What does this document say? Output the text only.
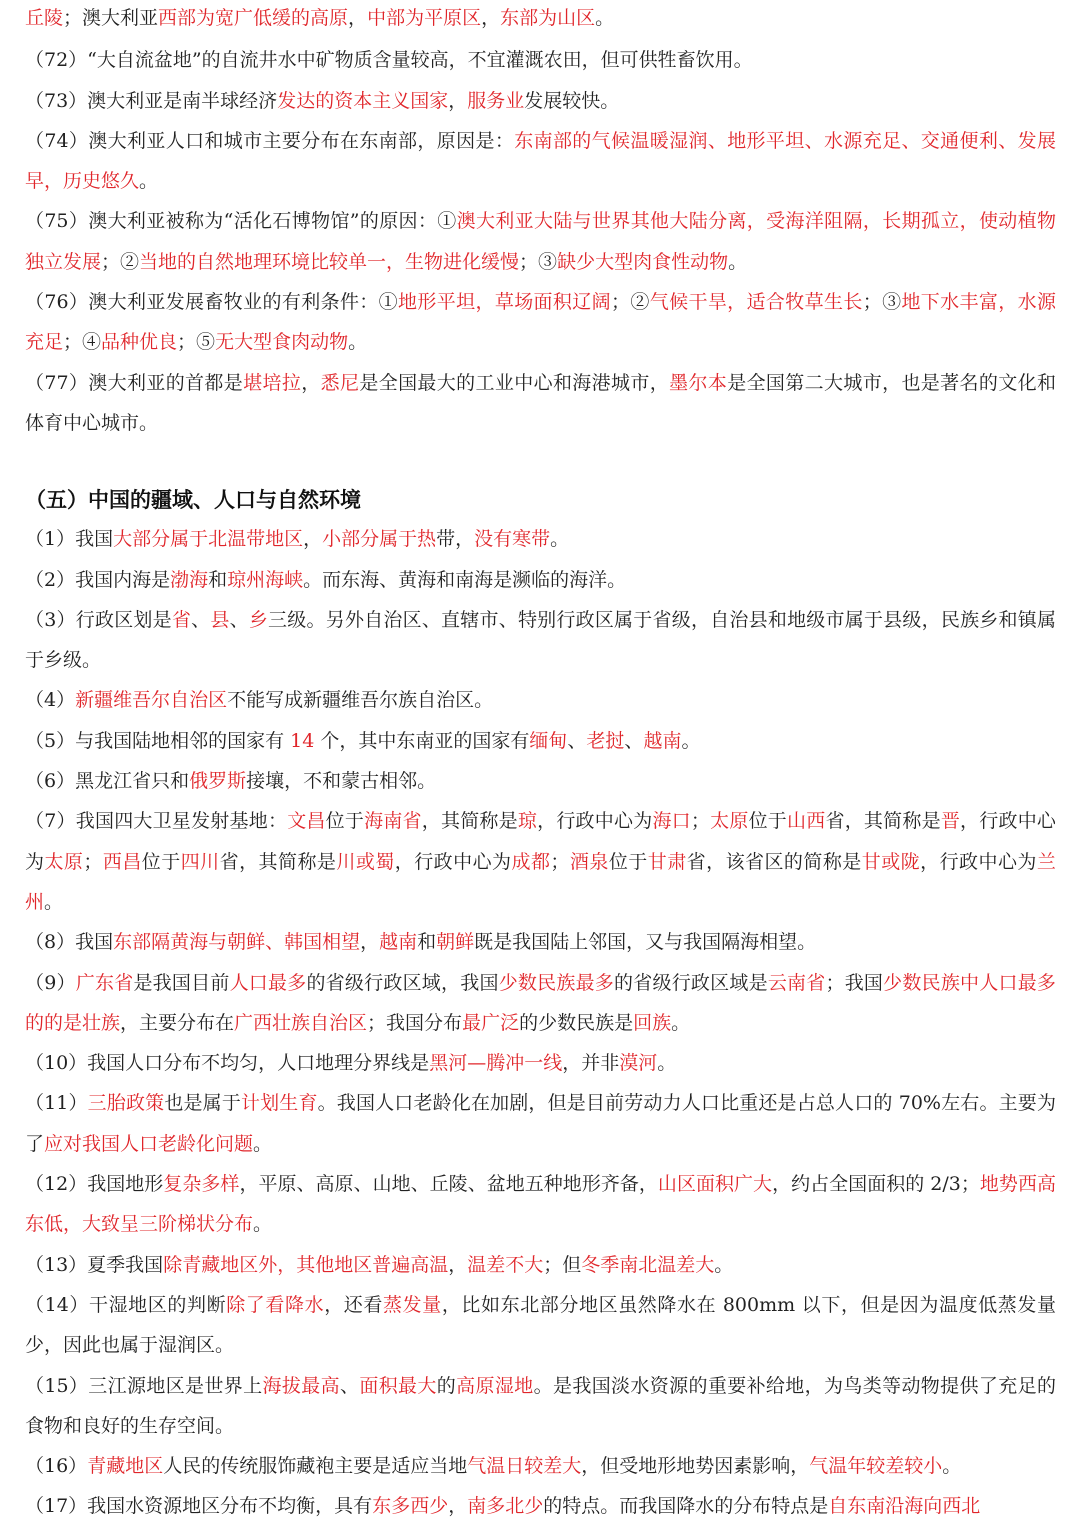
丘陵；澳大利亚西部为宽广低缓的高原，中部为平原区，东部为山区。

（72）“大自流盆地”的自流井水中矿物质含量较高，不宜灌溉农田，但可供牲畜饮用。

（73）澳大利亚是南半球经济发达的资本主义国家，服务业发展较快。

（74）澳大利亚人口和城市主要分布在东南部，原因是：东南部的气候温暖湿润、地形平坦、水源充足、交通便利、发展早，历史悠久。

（75）澳大利亚被称为“活化石博物馆”的原因：①澳大利亚大陆与世界其他大陆分离，受海洋阻隔，长期孤立，使动植物独立发展；②当地的自然地理环境比较单一，生物进化缓慢；③缺少大型肉食性动物。

（76）澳大利亚发展畜牧业的有利条件：①地形平坦，草场面积辽阔；②气候干旱，适合牧草生长；③地下水丰富，水源充足；④品种优良；⑤无大型食肉动物。

（77）澳大利亚的首都是堪培拉，悉尼是全国最大的工业中心和海港城市，墨尔本是全国第二大城市，也是著名的文化和体育中心城市。

（五）中国的疆域、人口与自然环境

（1）我国大部分属于北温带地区，小部分属于热带，没有寒带。

（2）我国内海是渤海和琼州海峡。而东海、黄海和南海是濒临的海洋。

（3）行政区划是省、县、乡三级。另外自治区、直辖市、特别行政区属于省级，自治县和地级市属于县级，民族乡和镇属于乡级。

（4）新疆维吾尔自治区不能写成新疆维吾尔族自治区。

（5）与我国陆地相邻的国家有 14 个，其中东南亚的国家有缅甸、老挝、越南。

（6）黑龙江省只和俄罗斯接壤，不和蒙古相邻。

（7）我国四大卫星发射基地：文昌位于海南省，其简称是琼，行政中心为海口；太原位于山西省，其简称是晋，行政中心为太原；西昌位于四川省，其简称是川或蜀，行政中心为成都；酒泉位于甘肃省，该省区的简称是甘或陇，行政中心为兰州。

（8）我国东部隔黄海与朝鲜、韩国相望，越南和朝鲜既是我国陆上邻国，又与我国隔海相望。

（9）广东省是我国目前人口最多的省级行政区域，我国少数民族最多的省级行政区域是云南省；我国少数民族中人口最多的的是壮族，主要分布在广西壮族自治区；我国分布最广泛的少数民族是回族。

（10）我国人口分布不均匀，人口地理分界线是黑河—腾冲一线，并非漠河。

（11）三胎政策也是属于计划生育。我国人口老龄化在加剧，但是目前劳动力人口比重还是占总人口的 70%左右。主要为了应对我国人口老龄化问题。

（12）我国地形复杂多样，平原、高原、山地、丘陵、盆地五种地形齐备，山区面积广大，约占全国面积的 2/3；地势西高东低，大致呈三阶梯状分布。

（13）夏季我国除青藏地区外，其他地区普遍高温，温差不大；但冬季南北温差大。

（14）干湿地区的判断除了看降水，还看蒸发量，比如东北部分地区虽然降水在 800mm 以下，但是因为温度低蒸发量少，因此也属于湿润区。

（15）三江源地区是世界上海拔最高、面积最大的高原湿地。是我国淡水资源的重要补给地，为鸟类等动物提供了充足的食物和良好的生存空间。

（16）青藏地区人民的传统服饰藏袍主要是适应当地气温日较差大，但受地形地势因素影响，气温年较差较小。

（17）我国水资源地区分布不均衡，具有东多西少，南多北少的特点。而我国降水的分布特点是自东南沿海向西北
